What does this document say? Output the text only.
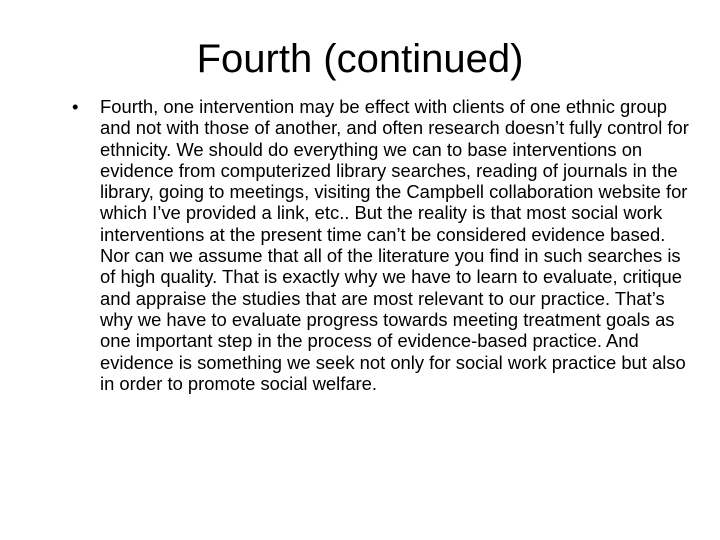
Fourth (continued)
• Fourth, one intervention may be effect with clients of one ethnic group and not with those of another, and often research doesn’t fully control for ethnicity. We should do everything we can to base interventions on evidence from computerized library searches, reading of journals in the library, going to meetings, visiting the Campbell collaboration website for which I’ve provided a link, etc.. But the reality is that most social work interventions at the present time can’t be considered evidence based. Nor can we assume that all of the literature you find in such searches is of high quality. That is exactly why we have to learn to evaluate, critique and appraise the studies that are most relevant to our practice. That’s why we have to evaluate progress towards meeting treatment goals as one important step in the process of evidence-based practice. And evidence is something we seek not only for social work practice but also in order to promote social welfare.
